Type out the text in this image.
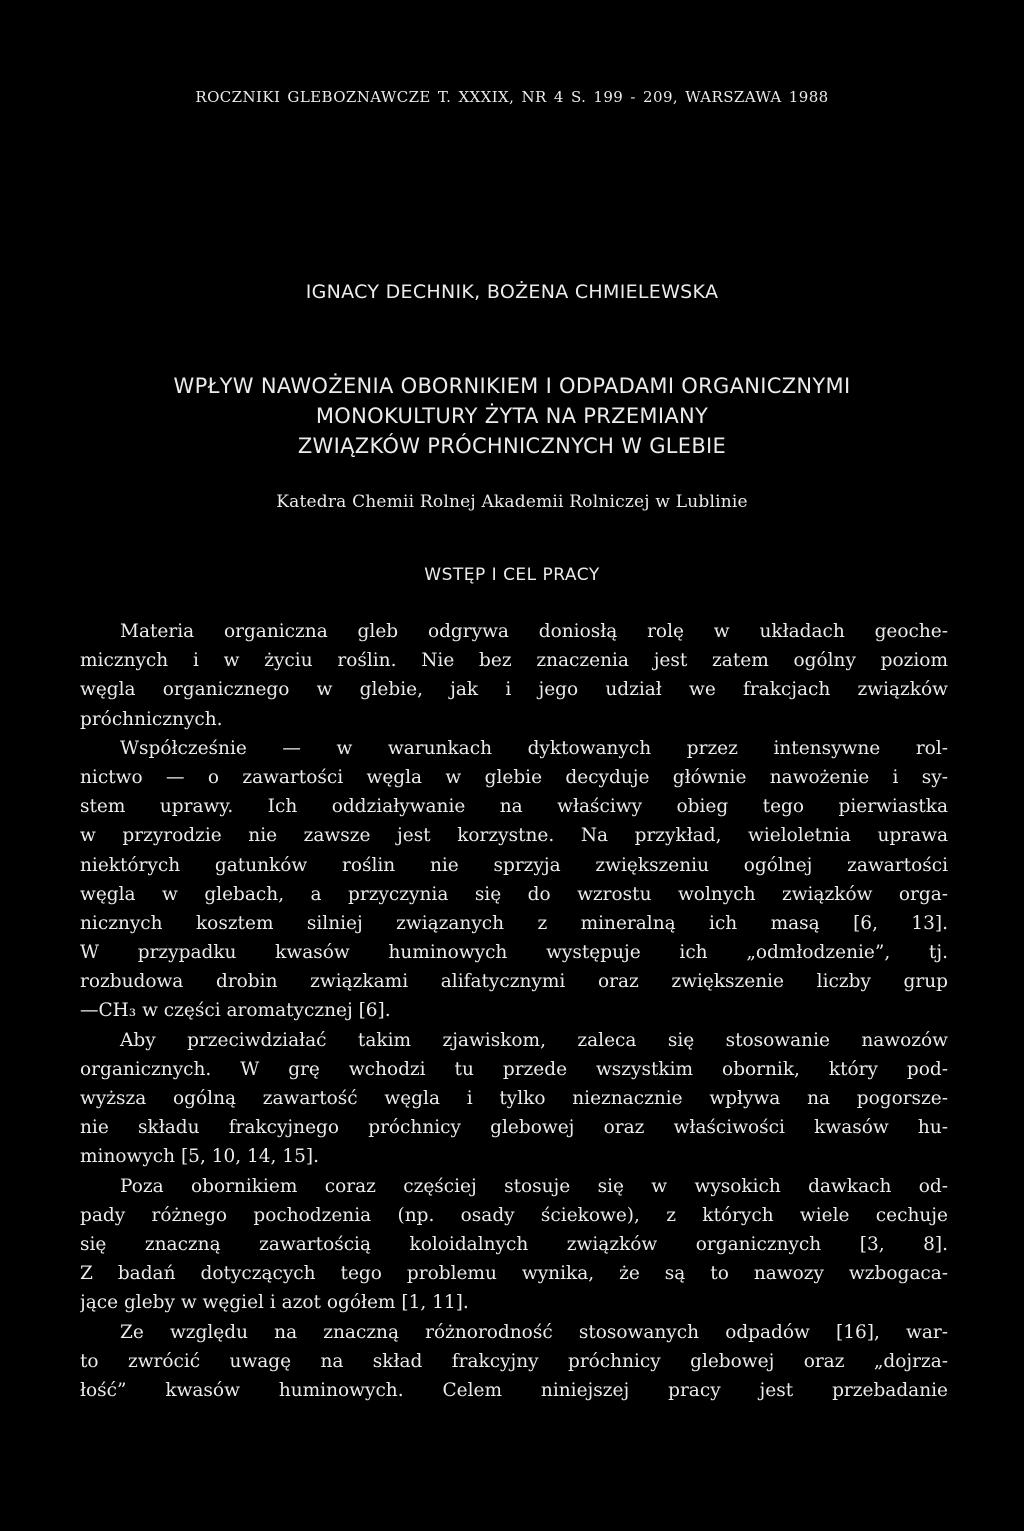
ROCZNIKI GLEBOZNAWCZE T. XXXIX, NR 4 S. 199 - 209, WARSZAWA 1988
IGNACY DECHNIK, BOŻENA CHMIELEWSKA
WPŁYW NAWOŻENIA OBORNIKIEM I ODPADAMI ORGANICZNYMI
MONOKULTURY ŻYTA NA PRZEMIANY
ZWIĄZKÓW PRÓCHNICZNYCH W GLEBIE
Katedra Chemii Rolnej Akademii Rolniczej w Lublinie
WSTĘP I CEL PRACY
Materia organiczna gleb odgrywa doniosłą rolę w układach geoche-
micznych i w życiu roślin. Nie bez znaczenia jest zatem ogólny poziom
węgla organicznego w glebie, jak i jego udział we frakcjach związków
próchnicznych.
Współcześnie — w warunkach dyktowanych przez intensywne rol-
nictwo — o zawartości węgla w glebie decyduje głównie nawożenie i sy-
stem uprawy. Ich oddziaływanie na właściwy obieg tego pierwiastka
w przyrodzie nie zawsze jest korzystne. Na przykład, wieloletnia uprawa
niektórych gatunków roślin nie sprzyja zwiększeniu ogólnej zawartości
węgla w glebach, a przyczynia się do wzrostu wolnych związków orga-
nicznych kosztem silniej związanych z mineralną ich masą [6, 13].
W przypadku kwasów huminowych występuje ich „odmłodzenie”, tj.
rozbudowa drobin związkami alifatycznymi oraz zwiększenie liczby grup
—CH₃ w części aromatycznej [6].
Aby przeciwdziałać takim zjawiskom, zaleca się stosowanie nawozów
organicznych. W grę wchodzi tu przede wszystkim obornik, który pod-
wyższa ogólną zawartość węgla i tylko nieznacznie wpływa na pogorsze-
nie składu frakcyjnego próchnicy glebowej oraz właściwości kwasów hu-
minowych [5, 10, 14, 15].
Poza obornikiem coraz częściej stosuje się w wysokich dawkach od-
pady różnego pochodzenia (np. osady ściekowe), z których wiele cechuje
się znaczną zawartością koloidalnych związków organicznych [3, 8].
Z badań dotyczących tego problemu wynika, że są to nawozy wzbogaca-
jące gleby w węgiel i azot ogółem [1, 11].
Ze względu na znaczną różnorodność stosowanych odpadów [16], war-
to zwrócić uwagę na skład frakcyjny próchnicy glebowej oraz „dojrza-
łość” kwasów huminowych. Celem niniejszej pracy jest przebadanie
